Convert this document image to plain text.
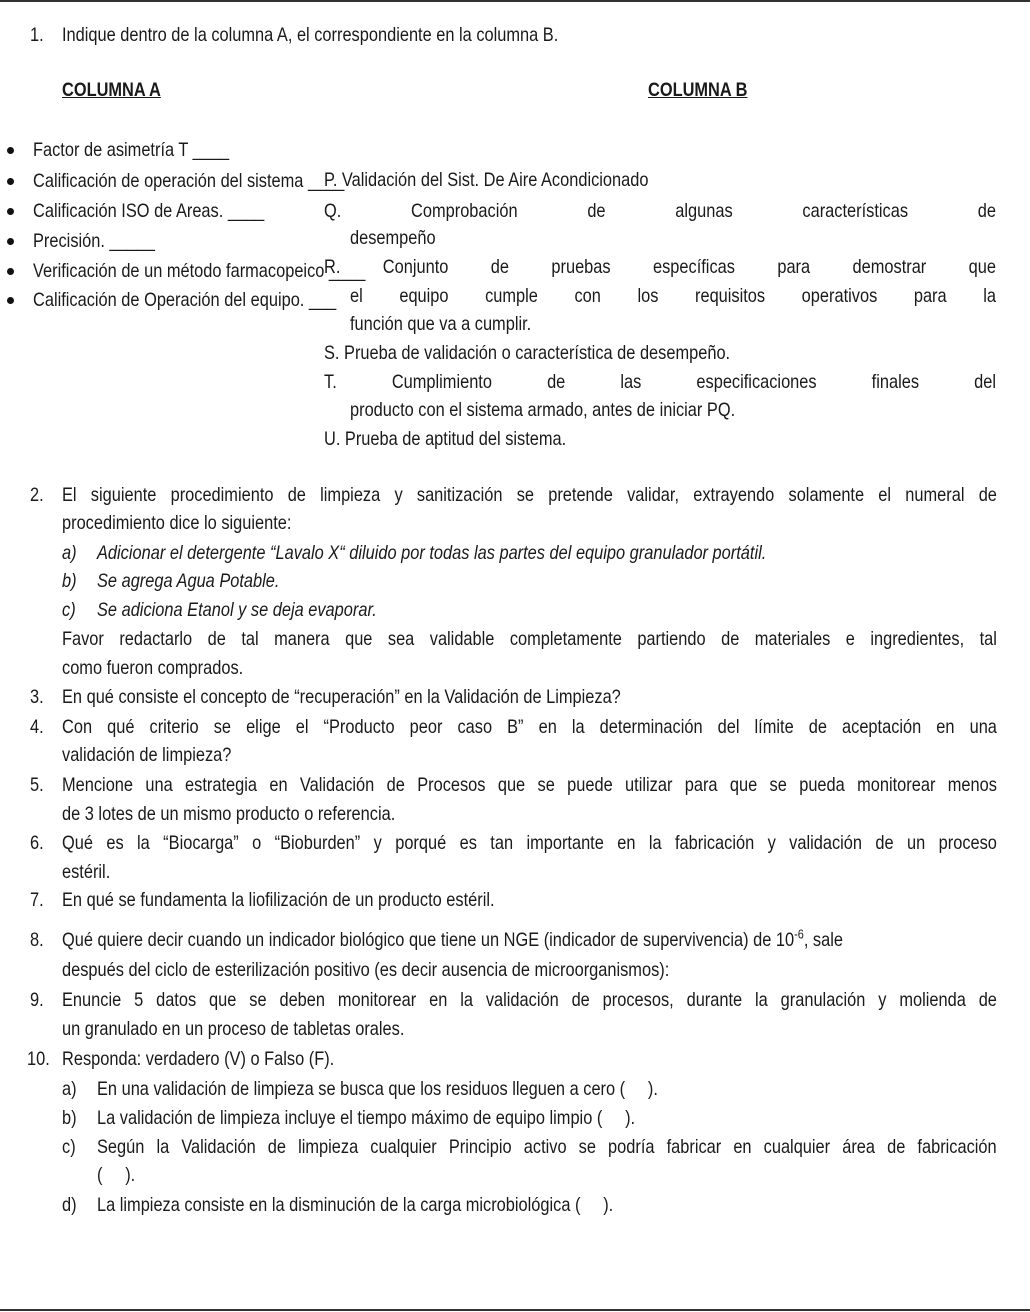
1. Indique dentro de la columna A, el correspondiente en la columna B.
COLUMNA A	COLUMNA B
Factor de asimetría T ____
Calificación de operación del sistema ____
Calificación ISO de Areas. ____
Precisión. _____
Verificación de un método farmacopeico ____
Calificación de Operación del equipo. ___
P. Validación del Sist. De Aire Acondicionado
Q. Comprobación de algunas características de
desempeño
R. Conjunto de pruebas específicas para demostrar que
el equipo cumple con los requisitos operativos para la
función que va a cumplir.
S. Prueba de validación o característica de desempeño.
T. Cumplimiento de las especificaciones finales del
producto con el sistema armado, antes de iniciar PQ.
U. Prueba de aptitud del sistema.
2. El siguiente procedimiento de limpieza y sanitización se pretende validar, extrayendo solamente el numeral de
procedimiento dice lo siguiente:
a) Adicionar el detergente “Lavalo X“ diluido por todas las partes del equipo granulador portátil.
b) Se agrega Agua Potable.
c) Se adiciona Etanol y se deja evaporar.
Favor redactarlo de tal manera que sea validable completamente partiendo de materiales e ingredientes, tal
como fueron comprados.
3. En qué consiste el concepto de “recuperación” en la Validación de Limpieza?
4. Con qué criterio se elige el “Producto peor caso B” en la determinación del límite de aceptación en una
validación de limpieza?
5. Mencione una estrategia en Validación de Procesos que se puede utilizar para que se pueda monitorear menos
de 3 lotes de un mismo producto o referencia.
6. Qué es la “Biocarga” o “Bioburden” y porqué es tan importante en la fabricación y validación de un proceso
estéril.
7. En qué se fundamenta la liofilización de un producto estéril.
8. Qué quiere decir cuando un indicador biológico que tiene un NGE (indicador de supervivencia) de $10^{-6}$, sale
después del ciclo de esterilización positivo (es decir ausencia de microorganismos):
9. Enuncie 5 datos que se deben monitorear en la validación de procesos, durante la granulación y molienda de
un granulado en un proceso de tabletas orales.
10. Responda: verdadero (V) o Falso (F).
a) En una validación de limpieza se busca que los residuos lleguen a cero (     ).
b) La validación de limpieza incluye el tiempo máximo de equipo limpio (     ).
c) Según la Validación de limpieza cualquier Principio activo se podría fabricar en cualquier área de fabricación
(     ).
d) La limpieza consiste en la disminución de la carga microbiológica (     ).
